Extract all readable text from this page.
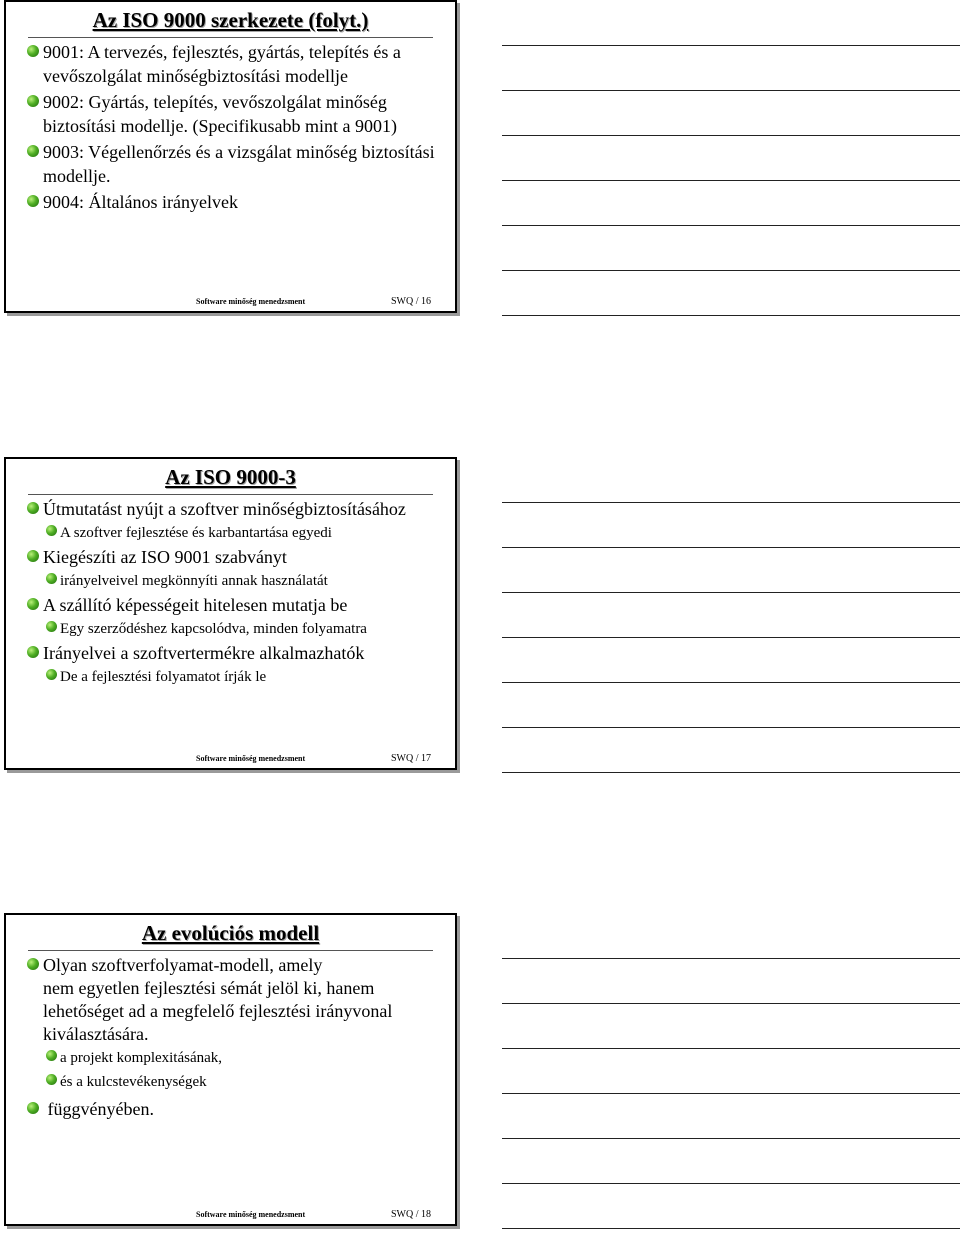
Az ISO 9000 szerkezete (folyt.)
9001: A tervezés, fejlesztés, gyártás, telepítés és a vevőszolgálat minőségbiztosítási modellje
9002: Gyártás, telepítés, vevőszolgálat minőség biztosítási modellje. (Specifikusabb mint a 9001)
9003: Végellenőrzés és a vizsgálat minőség biztosítási modellje.
9004: Általános irányelvek
Software minőség menedzsment	SWQ / 16
Az ISO 9000-3
Útmutatást nyújt a szoftver minőségbiztosításához
A szoftver fejlesztése és karbantartása egyedi
Kiegészíti az ISO 9001 szabványt
irányelveivel megkönnyíti annak használatát
A szállító képességeit hitelesen mutatja be
Egy szerződéshez kapcsolódva, minden folyamatra
Irányelvei a szoftvertermékre alkalmazhatók
De a fejlesztési folyamatot írják le
Software minőség menedzsment	SWQ / 17
Az evolúciós modell
Olyan szoftverfolyamat-modell, amely
nem egyetlen fejlesztési sémát jelöl ki, hanem
lehetőséget ad a megfelelő fejlesztési irányvonal
kiválasztására.
a projekt komplexitásának,
és a kulcstevékenységek
függvényében.
Software minőség menedzsment	SWQ / 18
